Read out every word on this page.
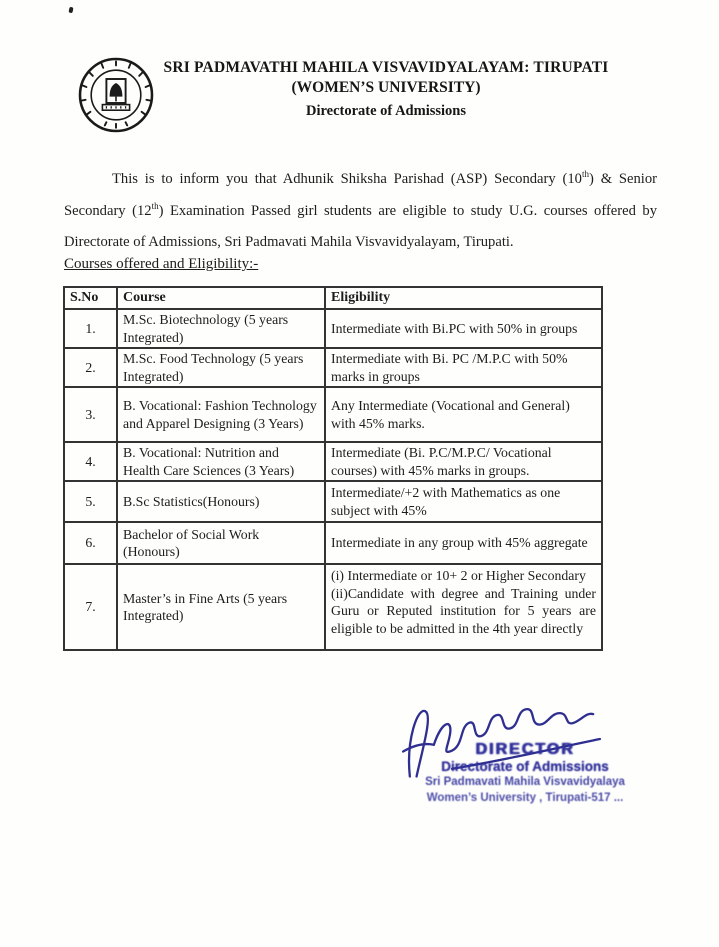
SRI PADMAVATHI MAHILA VISVAVIDYALAYAM: TIRUPATI
(WOMEN’S UNIVERSITY)
Directorate of Admissions
This is to inform you that Adhunik Shiksha Parishad (ASP) Secondary (10th) & Senior Secondary (12th) Examination Passed girl students are eligible to study U.G. courses offered by Directorate of Admissions, Sri Padmavati Mahila Visvavidyalayam, Tirupati.
Courses offered and Eligibility:-
S.No	Course	Eligibility
1.	M.Sc. Biotechnology (5 years Integrated)	Intermediate with Bi.PC with 50% in groups
2.	M.Sc. Food Technology (5 years Integrated)	Intermediate with Bi. PC /M.P.C with 50% marks in groups
3.	B. Vocational: Fashion Technology and Apparel Designing (3 Years)	Any Intermediate (Vocational and General) with 45% marks.
4.	B. Vocational: Nutrition and Health Care Sciences (3 Years)	Intermediate (Bi. P.C/M.P.C/ Vocational courses) with 45% marks in groups.
5.	B.Sc Statistics(Honours)	Intermediate/+2 with Mathematics as one subject with 45%
6.	Bachelor of Social Work (Honours)	Intermediate in any group with 45% aggregate
7.	Master’s in Fine Arts (5 years Integrated)	(i) Intermediate or 10+ 2 or Higher Secondary
(ii)Candidate with degree and Training under Guru or Reputed institution for 5 years are eligible to be admitted in the 4th year directly
DIRECTOR
Directorate of Admissions
Sri Padmavati Mahila Visvavidyalaya
Women’s University , Tirupati-517 ...
